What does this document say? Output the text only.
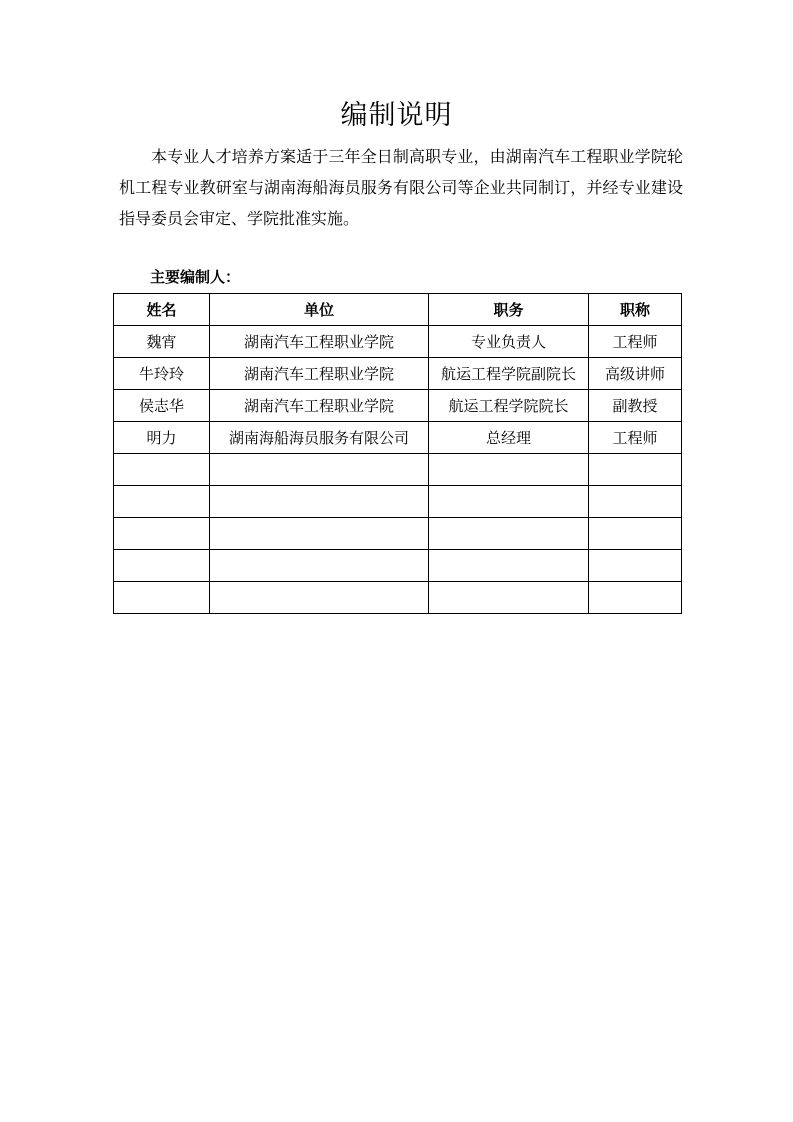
编制说明

本专业人才培养方案适于三年全日制高职专业，由湖南汽车工程职业学院轮机工程专业教研室与湖南海船海员服务有限公司等企业共同制订，并经专业建设指导委员会审定、学院批准实施。

主要编制人：
姓名	单位	职务	职称
魏宵	湖南汽车工程职业学院	专业负责人	工程师
牛玲玲	湖南汽车工程职业学院	航运工程学院副院长	高级讲师
侯志华	湖南汽车工程职业学院	航运工程学院院长	副教授
明力	湖南海船海员服务有限公司	总经理	工程师
